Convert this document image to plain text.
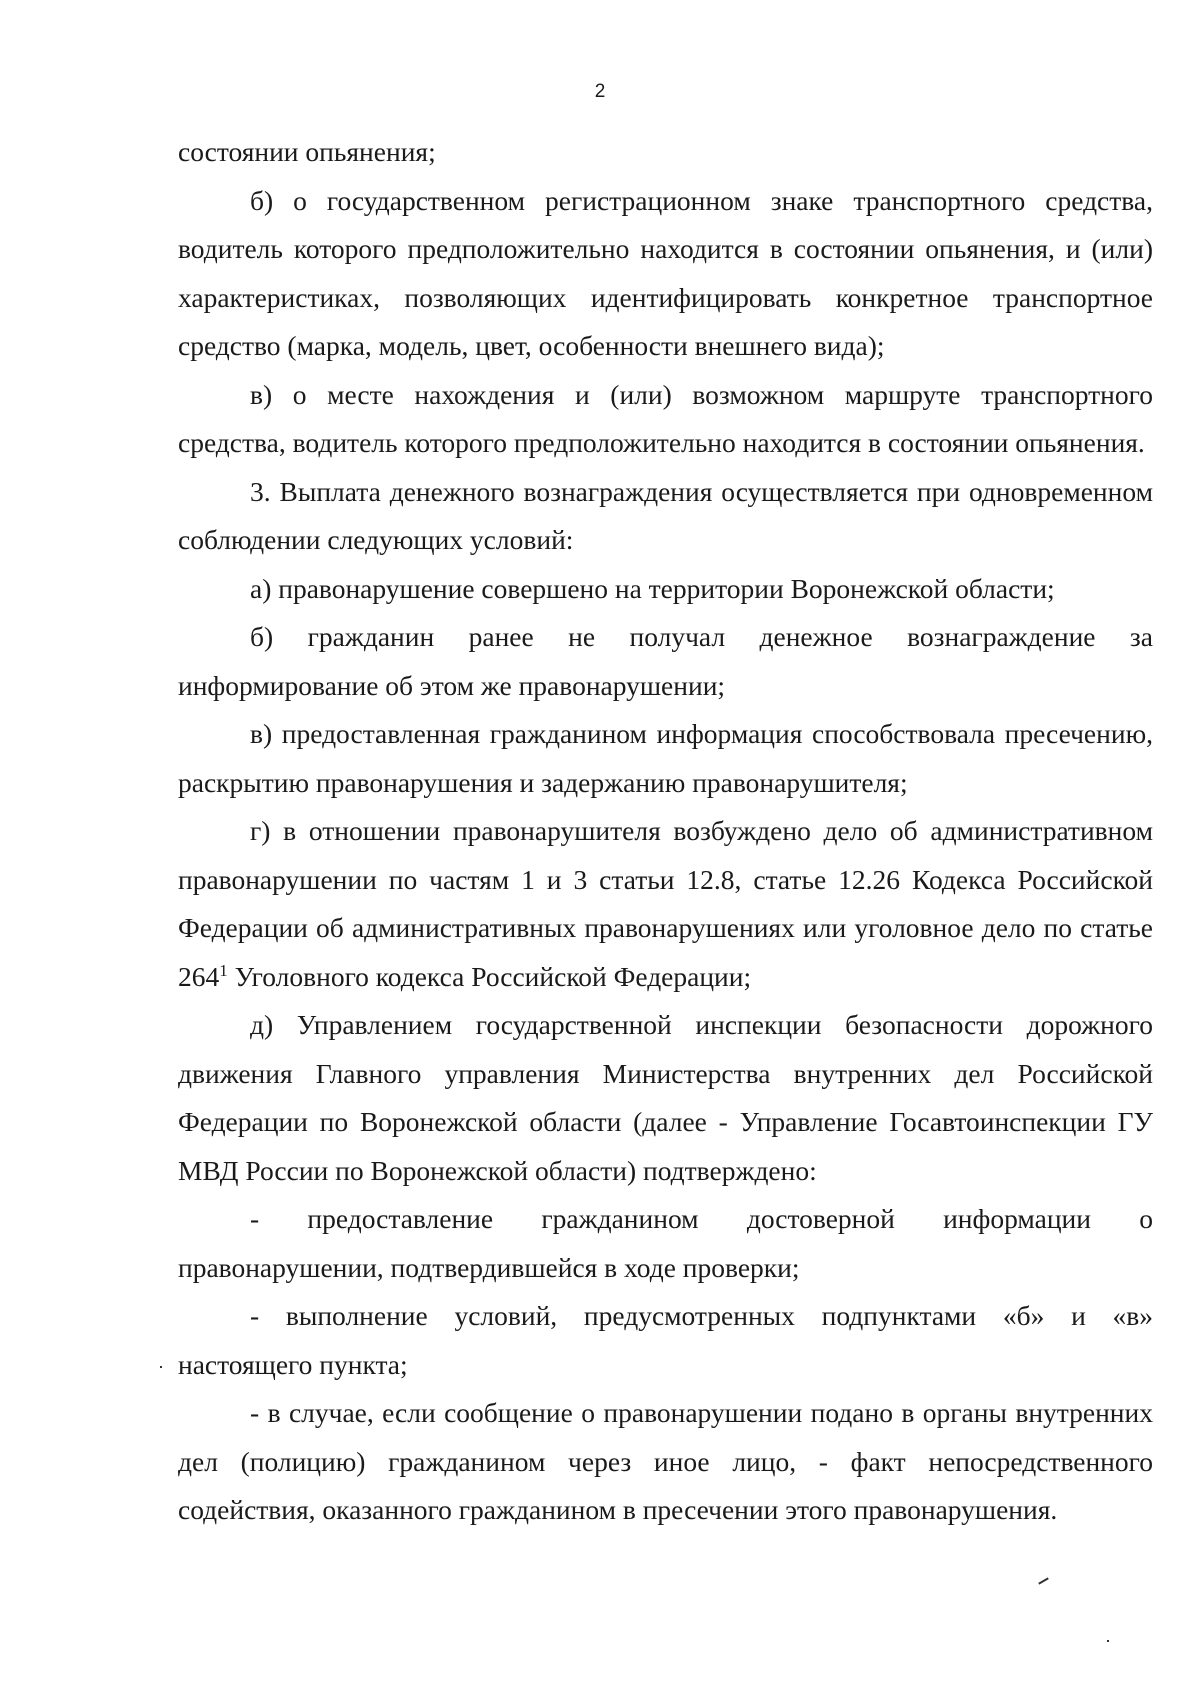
2

состоянии опьянения;

б) о государственном регистрационном знаке транспортного средства, водитель которого предположительно находится в состоянии опьянения, и (или) характеристиках, позволяющих идентифицировать конкретное транспортное средство (марка, модель, цвет, особенности внешнего вида);

в) о месте нахождения и (или) возможном маршруте транспортного средства, водитель которого предположительно находится в состоянии опьянения.

3. Выплата денежного вознаграждения осуществляется при одновременном соблюдении следующих условий:

а) правонарушение совершено на территории Воронежской области;

б) гражданин ранее не получал денежное вознаграждение за информирование об этом же правонарушении;

в) предоставленная гражданином информация способствовала пресечению, раскрытию правонарушения и задержанию правонарушителя;

г) в отношении правонарушителя возбуждено дело об административном правонарушении по частям 1 и 3 статьи 12.8, статье 12.26 Кодекса Российской Федерации об административных правонарушениях или уголовное дело по статье $264^1$ Уголовного кодекса Российской Федерации;

д) Управлением государственной инспекции безопасности дорожного движения Главного управления Министерства внутренних дел Российской Федерации по Воронежской области (далее - Управление Госавтоинспекции ГУ МВД России по Воронежской области) подтверждено:

- предоставление гражданином достоверной информации о правонарушении, подтвердившейся в ходе проверки;

- выполнение условий, предусмотренных подпунктами «б» и «в» настоящего пункта;

- в случае, если сообщение о правонарушении подано в органы внутренних дел (полицию) гражданином через иное лицо, - факт непосредственного содействия, оказанного гражданином в пресечении этого правонарушения.
